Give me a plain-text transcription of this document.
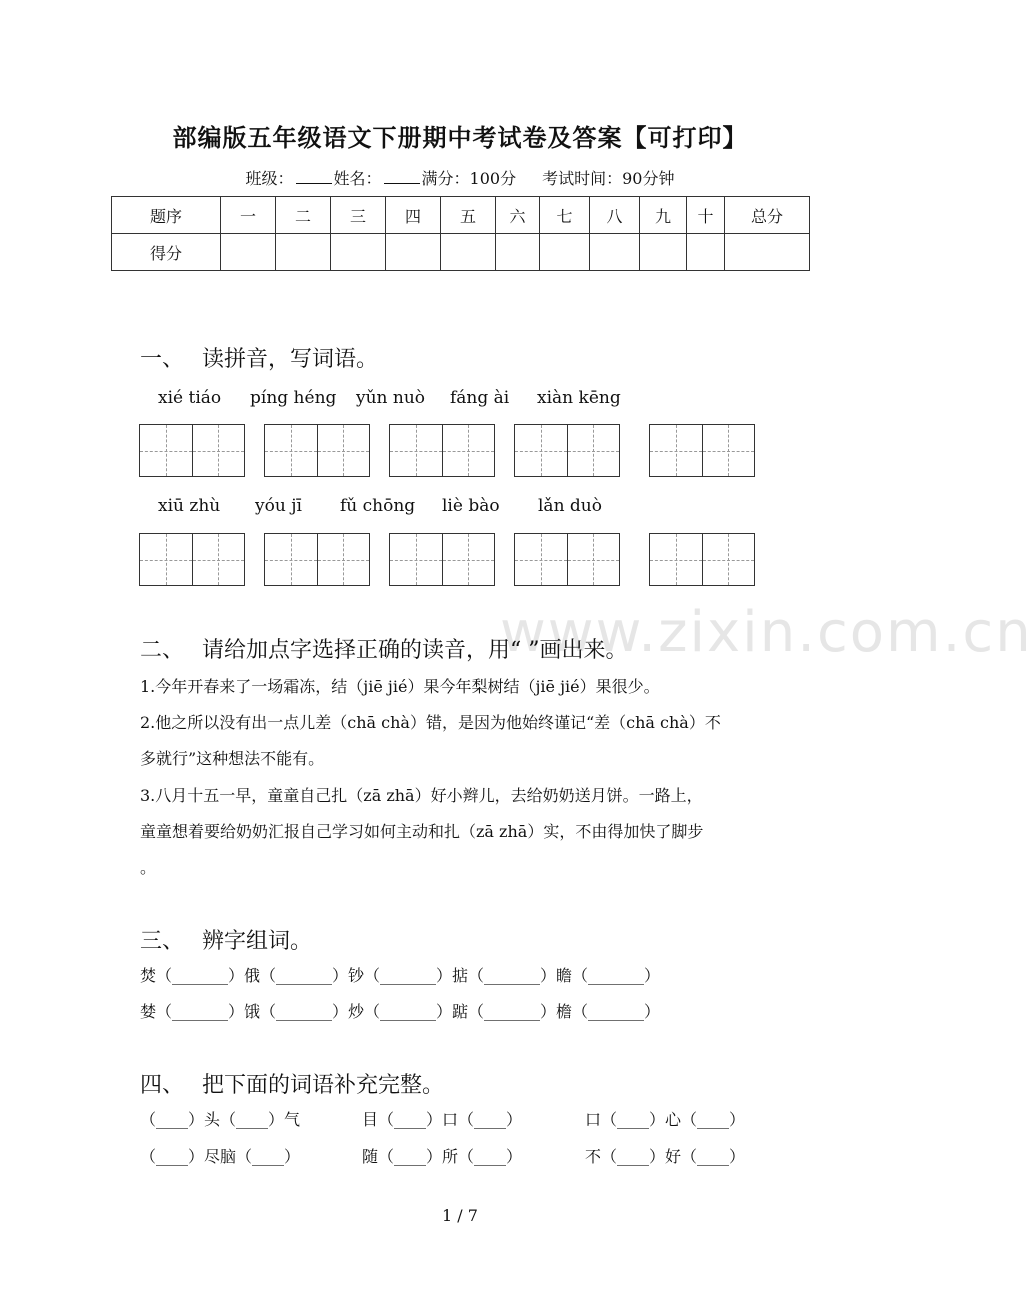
部编版五年级语文下册期中考试卷及答案【可打印】
班级：	姓名：	满分：100分 考试时间：90分钟
题序	一	二	三	四	五	六	七	八	九	十	总分
得分											
www.zixin.com.cn
一、 读拼音，写词语。
xié tiáo píng héng yǔn nuò fáng ài xiàn kēng
xiū zhù yóu jī fǔ chōng liè bào lǎn duò
二、 请给加点字选择正确的读音，用“ ”画出来。
1.今年开春来了一场霜冻，结（jiē jié）果今年梨树结（jiē jié）果很少。
2.他之所以没有出一点儿差（chā chà）错，是因为他始终谨记“差（chā chà）不
多就行”这种想法不能有。
3.八月十五一早，童童自己扎（zā zhā）好小辫儿，去给奶奶送月饼。一路上，
童童想着要给奶奶汇报自己学习如何主动和扎（zā zhā）实，不由得加快了脚步
。
三、 辨字组词。
焚（_______）俄（_______）钞（_______）掂（_______）瞻（_______）
婪（_______）饿（_______）炒（_______）踮（_______）檐（_______）
四、 把下面的词语补充完整。
（____）头（____）气	目（____）口（____）	口（____）心（____）
（____）尽脑（____）	随（____）所（____）	不（____）好（____）
1 / 7
